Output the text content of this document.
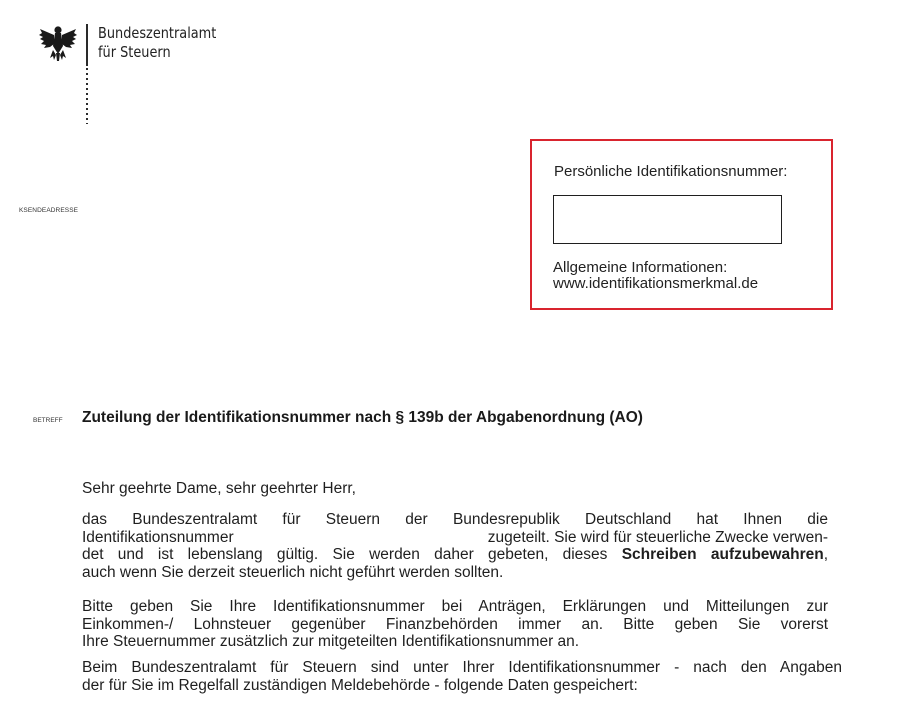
Bundeszentralamt
für Steuern
KSENDEADRESSE
Persönliche Identifikationsnummer:
Allgemeine Informationen:
www.identifikationsmerkmal.de
BETREFF Zuteilung der Identifikationsnummer nach § 139b der Abgabenordnung (AO)
Sehr geehrte Dame, sehr geehrter Herr,
das Bundeszentralamt für Steuern der Bundesrepublik Deutschland hat Ihnen die
Identifikationsnummer	zugeteilt. Sie wird für steuerliche Zwecke verwen-
det und ist lebenslang gültig. Sie werden daher gebeten, dieses Schreiben aufzubewahren,
auch wenn Sie derzeit steuerlich nicht geführt werden sollten.
Bitte geben Sie Ihre Identifikationsnummer bei Anträgen, Erklärungen und Mitteilungen zur
Einkommen-/ Lohnsteuer gegenüber Finanzbehörden immer an. Bitte geben Sie vorerst
Ihre Steuernummer zusätzlich zur mitgeteilten Identifikationsnummer an.
Beim Bundeszentralamt für Steuern sind unter Ihrer Identifikationsnummer - nach den Angaben
der für Sie im Regelfall zuständigen Meldebehörde - folgende Daten gespeichert:
